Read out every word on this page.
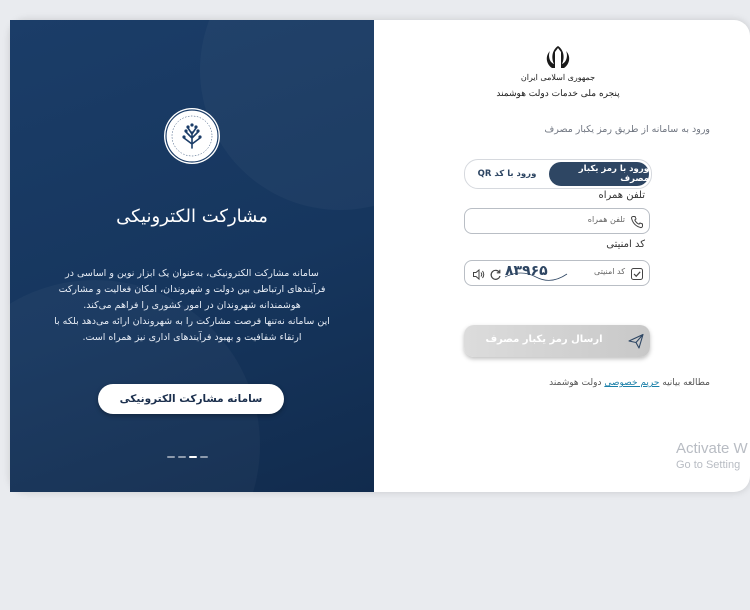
مشارکت الکترونیکی

سامانه مشارکت الکترونیکی، به‌عنوان یک ابزار نوین و اساسی در

فرآیندهای ارتباطی بین دولت و شهروندان، امکان فعالیت و مشارکت

هوشمندانه شهروندان در امور کشوری را فراهم می‌کند.

این سامانه نه‌تنها فرصت مشارکت را به شهروندان ارائه می‌دهد بلکه با

ارتقاء شفافیت و بهبود فرآیندهای اداری نیز همراه است.

سامانه مشارکت الکترونیکی
جمهوری اسلامی ایران
پنجره ملی خدمات دولت هوشمند
ورود به سامانه از طریق رمز یکبار مصرف
ورود با رمز یکبار مصرف
ورود با کد QR
تلفن همراه
تلفن همراه
کد امنیتی
کد امنیتی
۸۳۹۶۵
ارسال رمز یکبار مصرف
مطالعه بیانیه حریم خصوصی دولت هوشمند
Activate W
Go to Setting
